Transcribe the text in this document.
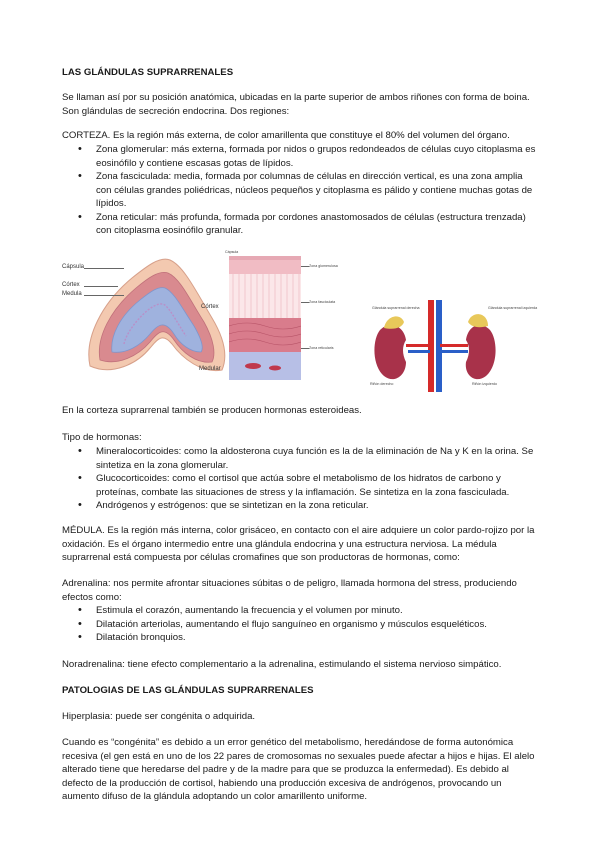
LAS GLÁNDULAS SUPRARRENALES

Se llaman así por su posición anatómica, ubicadas en la parte superior de ambos riñones con forma de boina. Son glándulas de secreción endocrina. Dos regiones:

CORTEZA. Es la región más externa, de color amarillenta que constituye el 80% del volumen del órgano.

• Zona glomerular: más externa, formada por nidos o grupos redondeados de células cuyo citoplasma es eosinófilo y contiene escasas gotas de lípidos.
• Zona fasciculada: media, formada por columnas de células en dirección vertical, es una zona amplia con células grandes poliédricas, núcleos pequeños y citoplasma es pálido y contiene muchas gotas de lípidos.
• Zona reticular: más profunda, formada por cordones anastomosados de células (estructura trenzada) con citoplasma eosinófilo granular.
Cápsula
Córtex
Medula
Cápsula
Córtex
Medular
Zona glomerulosa
Zona fasciculata
Zona reticularis
Glándula suprarrenal derecha	Glándula suprarrenal izquierda
Riñón derecho	Riñón izquierdo

En la corteza suprarrenal también se producen hormonas esteroideas.

Tipo de hormonas:

• Mineralocorticoides: como la aldosterona cuya función es la de la eliminación de Na y K en la orina. Se sintetiza en la zona glomerular.
• Glucocorticoides: como el cortisol que actúa sobre el metabolismo de los hidratos de carbono y proteínas, combate las situaciones de stress y la inflamación. Se sintetiza en la zona fasciculada.
• Andrógenos y estrógenos: que se sintetizan en la zona reticular.

MÉDULA. Es la región más interna, color grisáceo, en contacto con el aire adquiere un color pardo-rojizo por la oxidación. Es el órgano intermedio entre una glándula endocrina y una estructura nerviosa. La médula suprarrenal está compuesta por células cromafines que son productoras de hormonas, como:

Adrenalina: nos permite afrontar situaciones súbitas o de peligro, llamada hormona del stress, produciendo efectos como:

• Estimula el corazón, aumentando la frecuencia y el volumen por minuto.
• Dilatación arteriolas, aumentando el flujo sanguíneo en organismo y músculos esqueléticos.
• Dilatación bronquios.

Noradrenalina: tiene efecto complementario a la adrenalina, estimulando el sistema nervioso simpático.

PATOLOGIAS DE LAS GLÁNDULAS SUPRARRENALES

Hiperplasia: puede ser congénita o adquirida.

Cuando es “congénita” es debido a un error genético del metabolismo, heredándose de forma autonómica recesiva (el gen está en uno de los 22 pares de cromosomas no sexuales puede afectar a hijos e hijas. El alelo alterado tiene que heredarse del padre y de la madre para que se produzca la enfermedad). Es debido al defecto de la producción de cortisol, habiendo una producción excesiva de andrógenos, provocando un aumento difuso de la glándula adoptando un color amarillento uniforme.
